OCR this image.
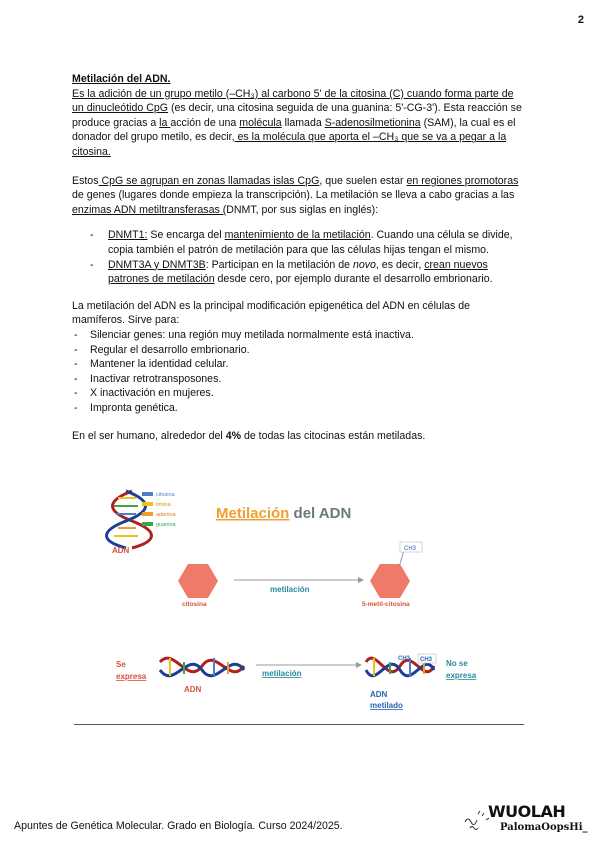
2

Metilación del ADN.

Es la adición de un grupo metilo (–CH₃) al carbono 5' de la citosina (C) cuando forma parte de un dinucleótido CpG (es decir, una citosina seguida de una guanina: 5'-CG-3'). Esta reacción se produce gracias a la acción de una molécula llamada S-adenosilmetionina (SAM), la cual es el donador del grupo metilo, es decir, es la molécula que aporta el –CH₃ que se va a pegar a la citosina.

Estos CpG se agrupan en zonas llamadas islas CpG, que suelen estar en regiones promotoras de genes (lugares donde empieza la transcripción). La metilación se lleva a cabo gracias a las enzimas ADN metiltransferasas (DNMT, por sus siglas en inglés):

- DNMT1: Se encarga del mantenimiento de la metilación. Cuando una célula se divide, copia también el patrón de metilación para que las células hijas tengan el mismo.
- DNMT3A y DNMT3B: Participan en la metilación de novo, es decir, crean nuevos patrones de metilación desde cero, por ejemplo durante el desarrollo embrionario.

La metilación del ADN es la principal modificación epigenética del ADN en células de mamíferos. Sirve para:

- Silenciar genes: una región muy metilada normalmente está inactiva.
- Regular el desarrollo embrionario.
- Mantener la identidad celular.
- Inactivar retrotransposones.
- X inactivación en mujeres.
- Impronta genética.

En el ser humano, alrededor del 4% de todas las citocinas están metiladas.

ADN
citosina
timina
adenina
guanina
Metilación del ADN
citosina
metilación
CH3
5-metil-citosina
Se
expresa
ADN
metilación
CH3 CH3
ADN
metilado
No se
expresa
Apuntes de Genética Molecular. Grado en Biología. Curso 2024/2025.
WUOLAH
PalomaOopsHi_
